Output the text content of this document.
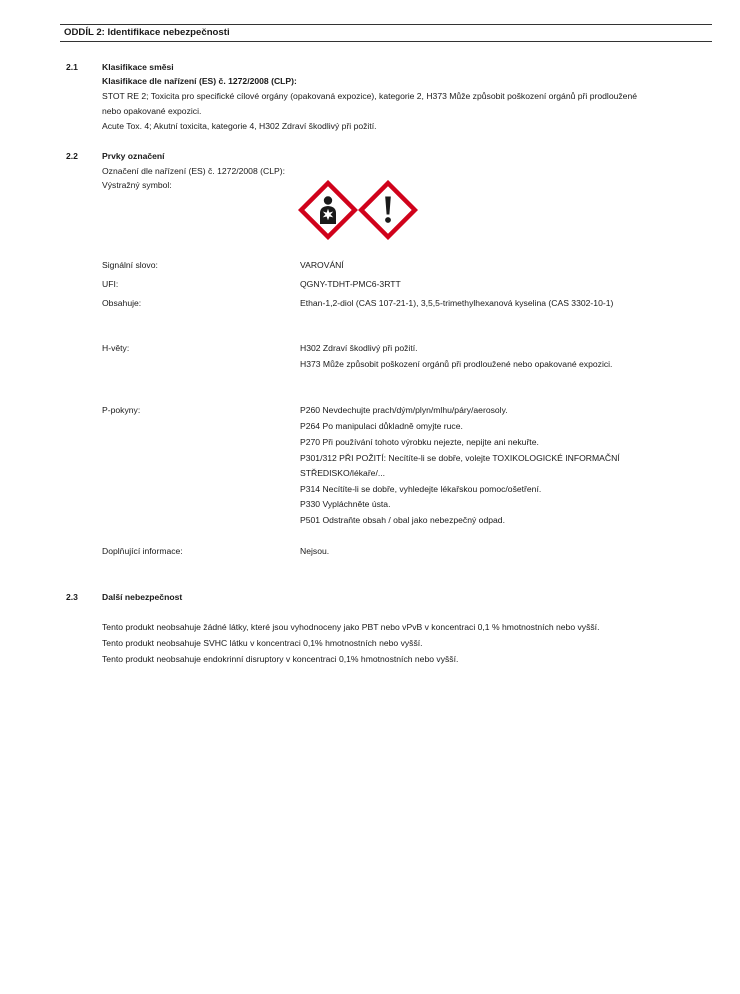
ODDÍL 2: Identifikace nebezpečnosti
2.1	Klasifikace směsi
Klasifikace dle nařízení (ES) č. 1272/2008 (CLP):
STOT RE 2; Toxicita pro specifické cílové orgány (opakovaná expozice), kategorie 2, H373 Může způsobit poškození orgánů při prodloužené
nebo opakované expozici.
Acute Tox. 4; Akutní toxicita, kategorie 4, H302 Zdraví škodlivý při požití.
2.2	Prvky označení
Označení dle nařízení (ES) č. 1272/2008 (CLP):
Výstražný symbol:
Signální slovo:	VAROVÁNÍ
UFI:	QGNY-TDHT-PMC6-3RTT
Obsahuje:	Ethan-1,2-diol (CAS 107-21-1), 3,5,5-trimethylhexanová kyselina (CAS 3302-10-1)
H-věty:	H302 Zdraví škodlivý při požití.
H373 Může způsobit poškození orgánů při prodloužené nebo opakované expozici.
P-pokyny:	P260 Nevdechujte prach/dým/plyn/mlhu/páry/aerosoly.
P264 Po manipulaci důkladně omyjte ruce.
P270 Při používání tohoto výrobku nejezte, nepijte ani nekuřte.
P301/312 PŘI POŽITÍ: Necítíte-li se dobře, volejte TOXIKOLOGICKÉ INFORMAČNÍ
STŘEDISKO/lékaře/...
P314 Necítíte-li se dobře, vyhledejte lékařskou pomoc/ošetření.
P330 Vypláchněte ústa.
P501 Odstraňte obsah / obal jako nebezpečný odpad.
Doplňující informace:	Nejsou.
2.3	Další nebezpečnost
Tento produkt neobsahuje žádné látky, které jsou vyhodnoceny jako PBT nebo vPvB v koncentraci 0,1 % hmotnostních nebo vyšší.
Tento produkt neobsahuje SVHC látku v koncentraci 0,1% hmotnostních nebo vyšší.
Tento produkt neobsahuje endokrinní disruptory v koncentraci 0,1% hmotnostních nebo vyšší.
